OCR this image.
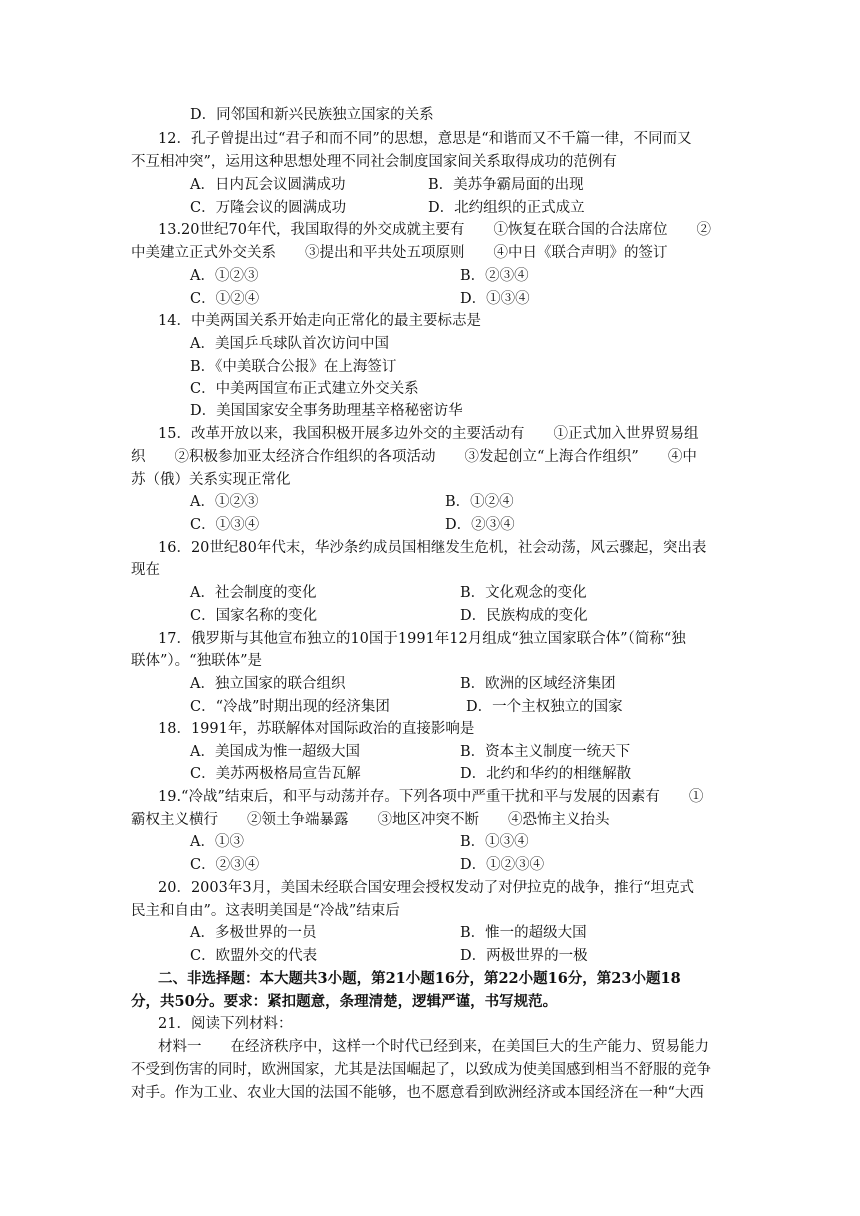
D．同邻国和新兴民族独立国家的关系
12．孔子曾提出过“君子和而不同”的思想，意思是“和谐而又不千篇一律，不同而又
不互相冲突”，运用这种思想处理不同社会制度国家间关系取得成功的范例有
A．日内瓦会议圆满成功	B．美苏争霸局面的出现
C．万隆会议的圆满成功	D．北约组织的正式成立
13.20世纪70年代，我国取得的外交成就主要有　　①恢复在联合国的合法席位　　②
中美建立正式外交关系　　③提出和平共处五项原则　　④中日《联合声明》的签订
A．①②③	B．②③④
C．①②④	D．①③④
14．中美两国关系开始走向正常化的最主要标志是
A．美国乒乓球队首次访问中国
B．《中美联合公报》在上海签订
C．中美两国宣布正式建立外交关系
D．美国国家安全事务助理基辛格秘密访华
15．改革开放以来，我国积极开展多边外交的主要活动有　　①正式加入世界贸易组
织　　②积极参加亚太经济合作组织的各项活动　　③发起创立“上海合作组织”　　④中
苏（俄）关系实现正常化
A．①②③	B．①②④
C．①③④	D．②③④
16．20世纪80年代末，华沙条约成员国相继发生危机，社会动荡，风云骤起，突出表
现在
A．社会制度的变化	B．文化观念的变化
C．国家名称的变化	D．民族构成的变化
17．俄罗斯与其他宣布独立的10国于1991年12月组成“独立国家联合体”（简称“独
联体”）。“独联体”是
A．独立国家的联合组织	B．欧洲的区域经济集团
C．“冷战”时期出现的经济集团	D．一个主权独立的国家
18．1991年，苏联解体对国际政治的直接影响是
A．美国成为惟一超级大国	B．资本主义制度一统天下
C．美苏两极格局宣告瓦解	D．北约和华约的相继解散
19.“冷战”结束后，和平与动荡并存。下列各项中严重干扰和平与发展的因素有　　①
霸权主义横行　　②领土争端暴露　　③地区冲突不断　　④恐怖主义抬头
A．①③	B．①③④
C．②③④	D．①②③④
20．2003年3月，美国未经联合国安理会授权发动了对伊拉克的战争，推行“坦克式
民主和自由”。这表明美国是“冷战”结束后
A．多极世界的一员	B．惟一的超级大国
C．欧盟外交的代表	D．两极世界的一极
二、非选择题：本大题共3小题，第21小题16分，第22小题16分，第23小题18
分，共50分。要求：紧扣题意，条理清楚，逻辑严谨，书写规范。
21．阅读下列材料：
材料一　　在经济秩序中，这样一个时代已经到来，在美国巨大的生产能力、贸易能力
不受到伤害的同时，欧洲国家，尤其是法国崛起了，以致成为使美国感到相当不舒服的竞争
对手。作为工业、农业大国的法国不能够，也不愿意看到欧洲经济或本国经济在一种“大西
